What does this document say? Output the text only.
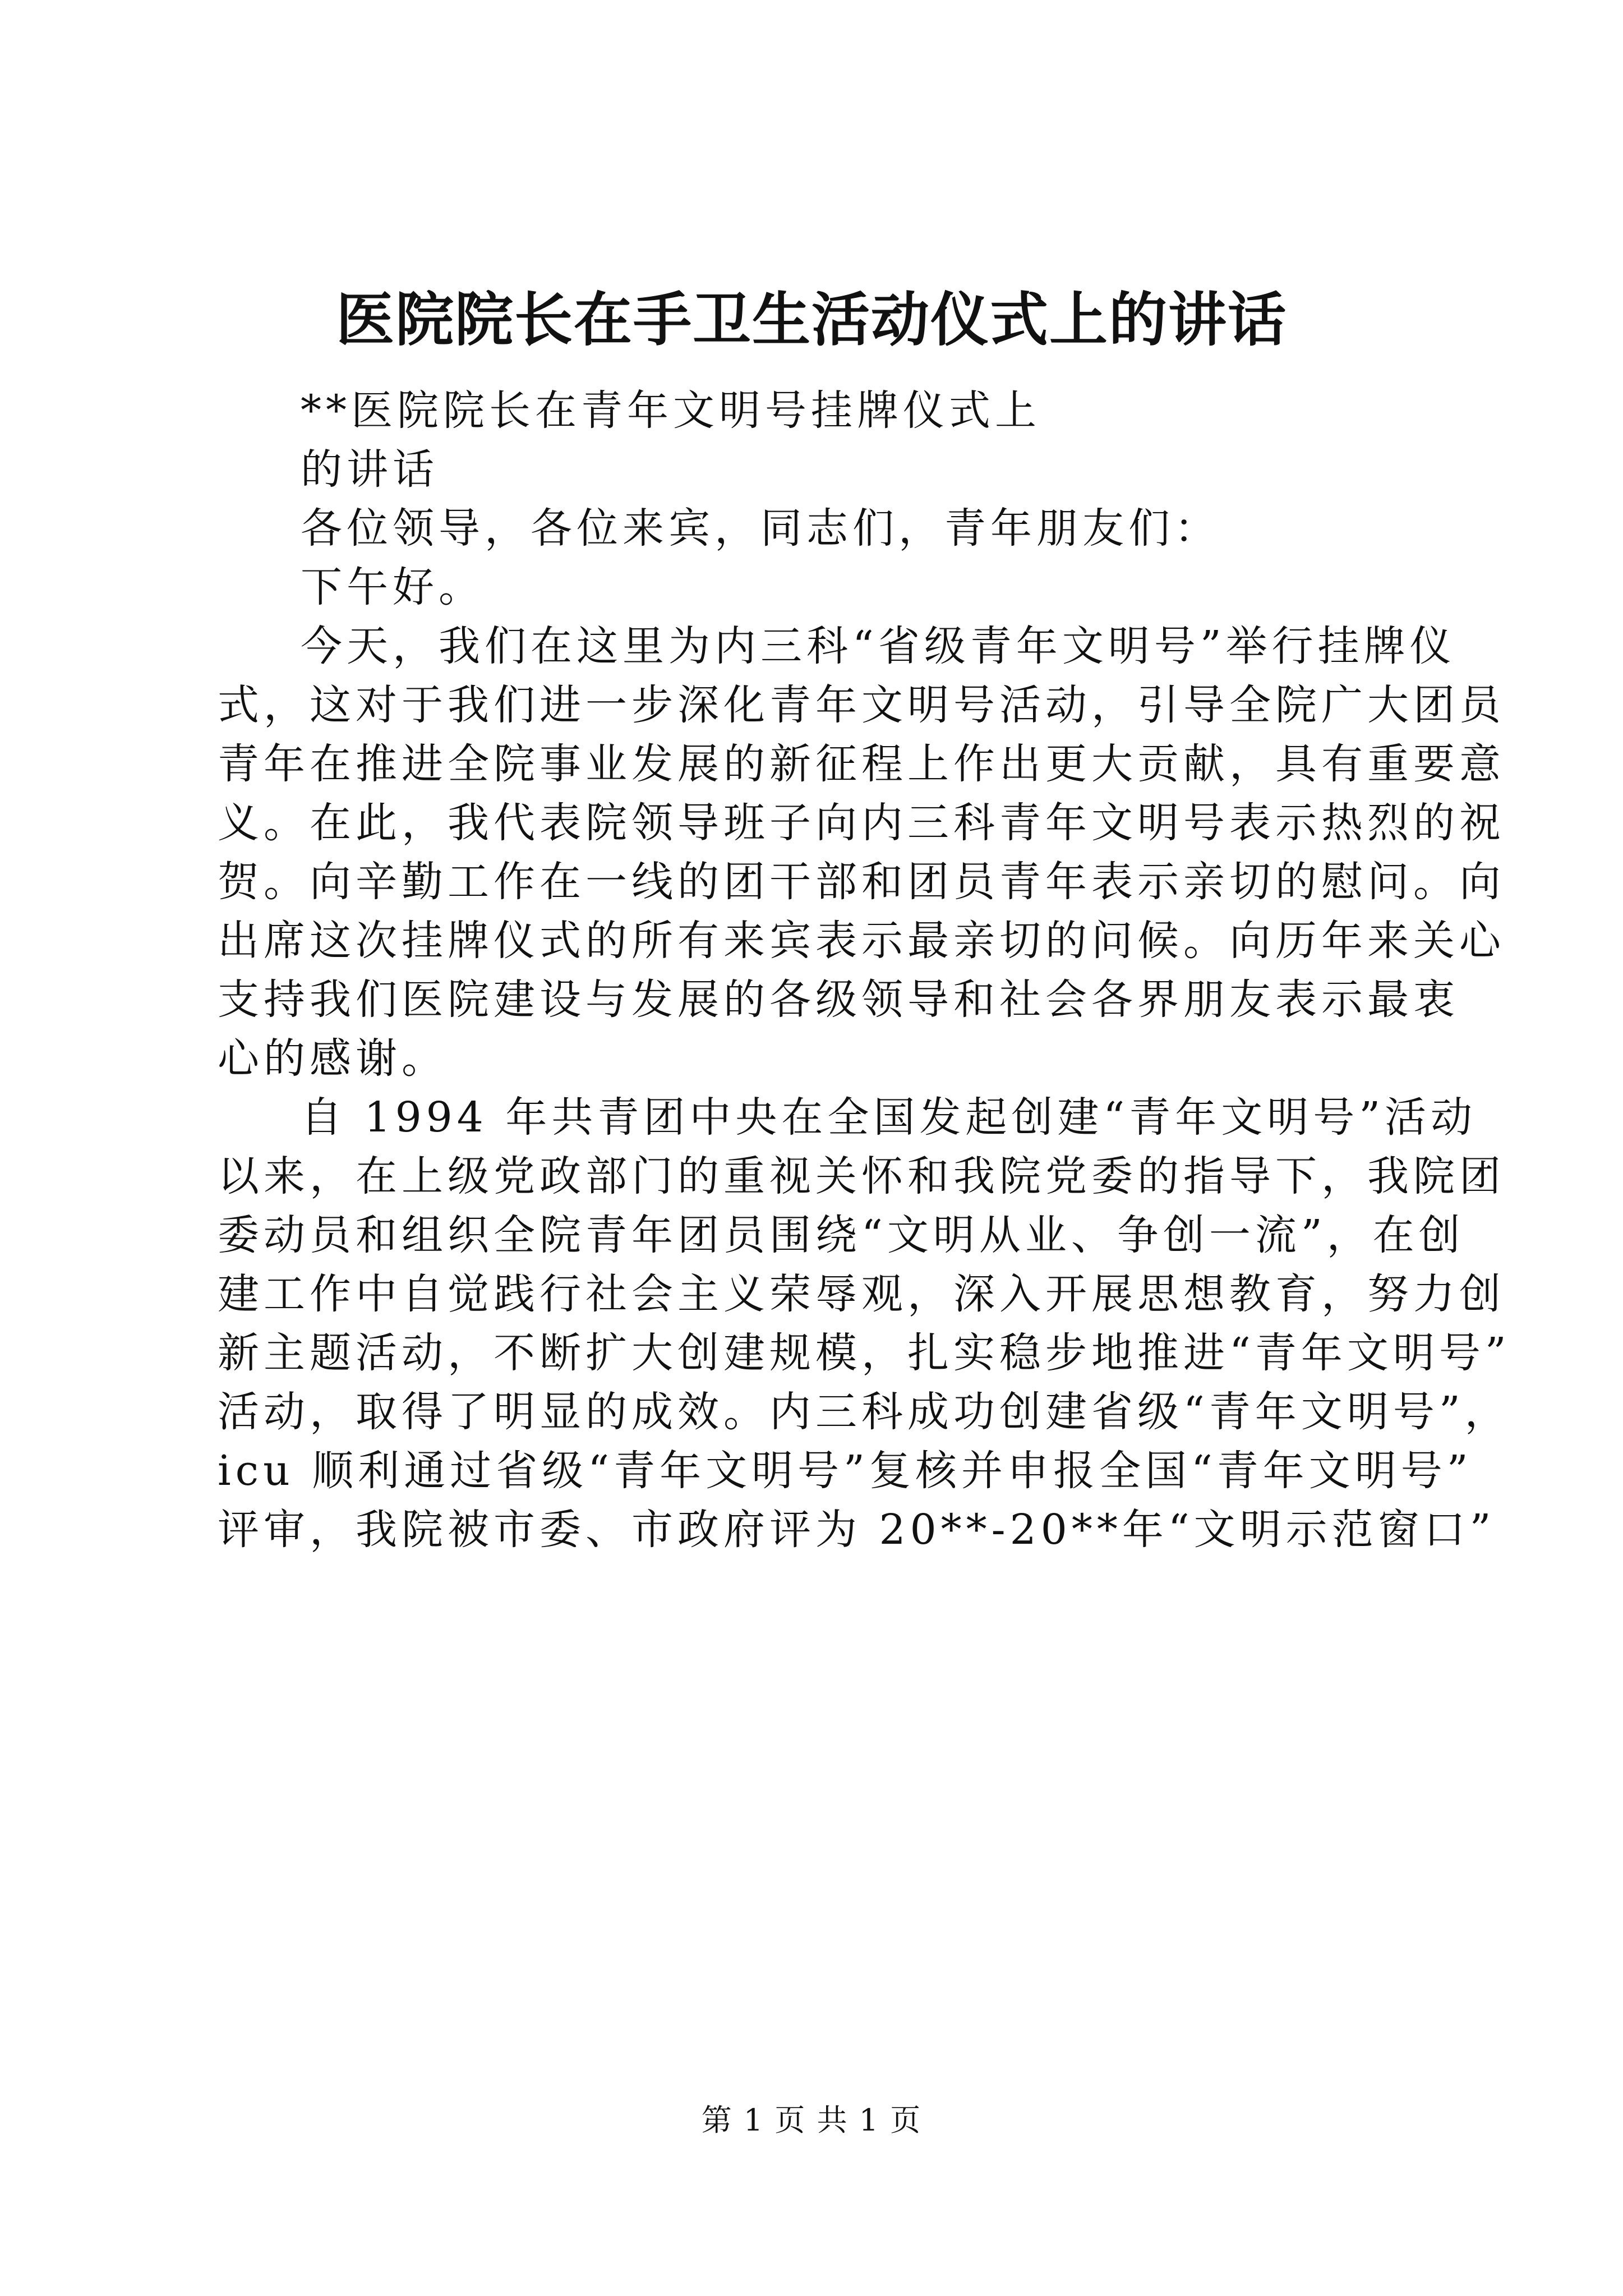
医院院长在手卫生活动仪式上的讲话
**医院院长在青年文明号挂牌仪式上
的讲话
各位领导，各位来宾，同志们，青年朋友们：
下午好。
今天，我们在这里为内三科“省级青年文明号”举行挂牌仪
式，这对于我们进一步深化青年文明号活动，引导全院广大团员
青年在推进全院事业发展的新征程上作出更大贡献，具有重要意
义。在此，我代表院领导班子向内三科青年文明号表示热烈的祝
贺。向辛勤工作在一线的团干部和团员青年表示亲切的慰问。向
出席这次挂牌仪式的所有来宾表示最亲切的问候。向历年来关心
支持我们医院建设与发展的各级领导和社会各界朋友表示最衷
心的感谢。
自 1994 年共青团中央在全国发起创建“青年文明号”活动
以来，在上级党政部门的重视关怀和我院党委的指导下，我院团
委动员和组织全院青年团员围绕“文明从业、争创一流”，在创
建工作中自觉践行社会主义荣辱观，深入开展思想教育，努力创
新主题活动，不断扩大创建规模，扎实稳步地推进“青年文明号”
活动，取得了明显的成效。内三科成功创建省级“青年文明号”，
icu 顺利通过省级“青年文明号”复核并申报全国“青年文明号”
评审，我院被市委、市政府评为 20**-20**年“文明示范窗口”
第 1 页 共 1 页
